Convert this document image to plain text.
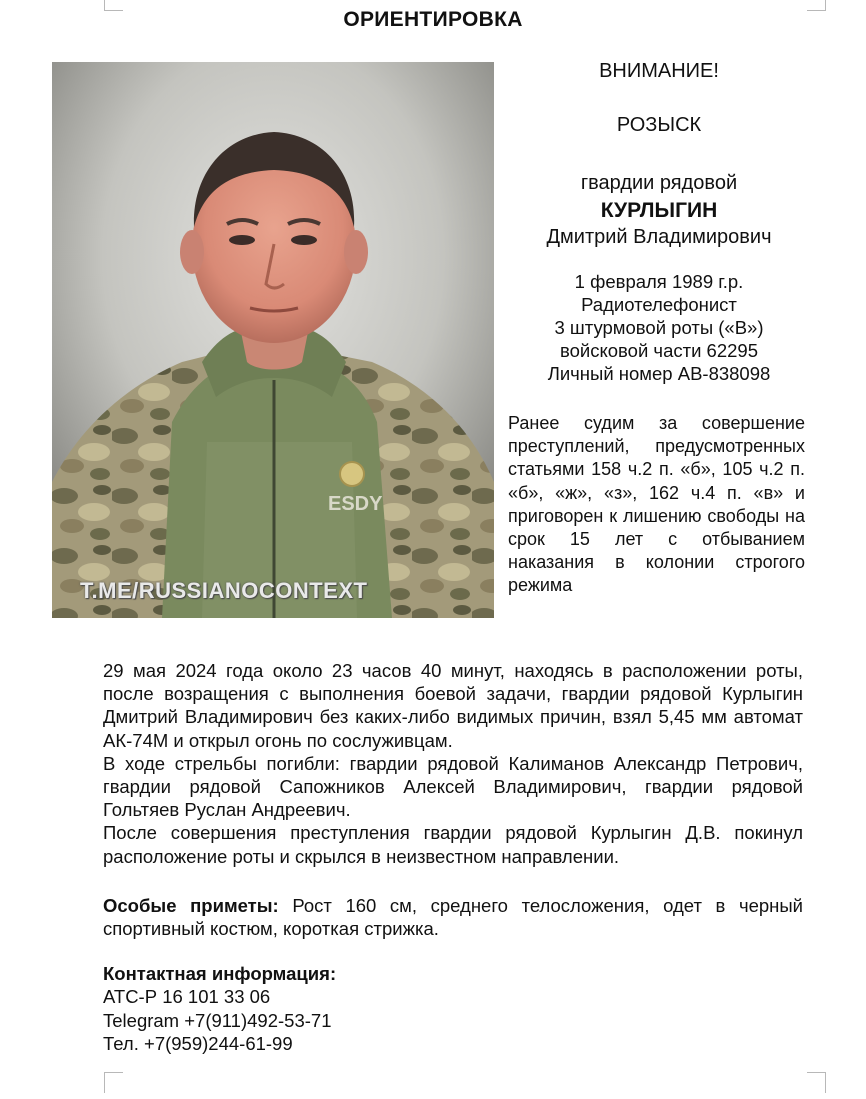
ОРИЕНТИРОВКА
ESDY
T.ME/RUSSIANOCONTEXT
ВНИМАНИЕ!
РОЗЫСК
гвардии рядовой
КУРЛЫГИН
Дмитрий Владимирович
1 февраля 1989 г.р.
Радиотелефонист
3 штурмовой роты («В»)
войсковой части 62295
Личный номер АВ-838098
Ранее судим за совершение преступлений, предусмотренных статьями 158 ч.2 п. «б», 105 ч.2 п. «б», «ж», «з», 162 ч.4 п. «в» и приговорен к лишению свободы на срок 15 лет с отбыванием наказания в колонии строгого режима

29 мая 2024 года около 23 часов 40 минут, находясь в расположении роты, после возращения с выполнения боевой задачи, гвардии рядовой Курлыгин Дмитрий Владимирович без каких-либо видимых причин, взял 5,45 мм автомат АК-74М и открыл огонь по сослуживцам.

В ходе стрельбы погибли: гвардии рядовой Калиманов Александр Петрович, гвардии рядовой Сапожников Алексей Владимирович, гвардии рядовой Гольтяев Руслан Андреевич.

После совершения преступления гвардии рядовой Курлыгин Д.В. покинул расположение роты и скрылся в неизвестном направлении.

Особые приметы: Рост 160 см, среднего телосложения, одет в черный спортивный костюм, короткая стрижка.

Контактная информация:
АТС-Р 16 101 33 06
Telegram +7(911)492-53-71
Тел. +7(959)244-61-99
